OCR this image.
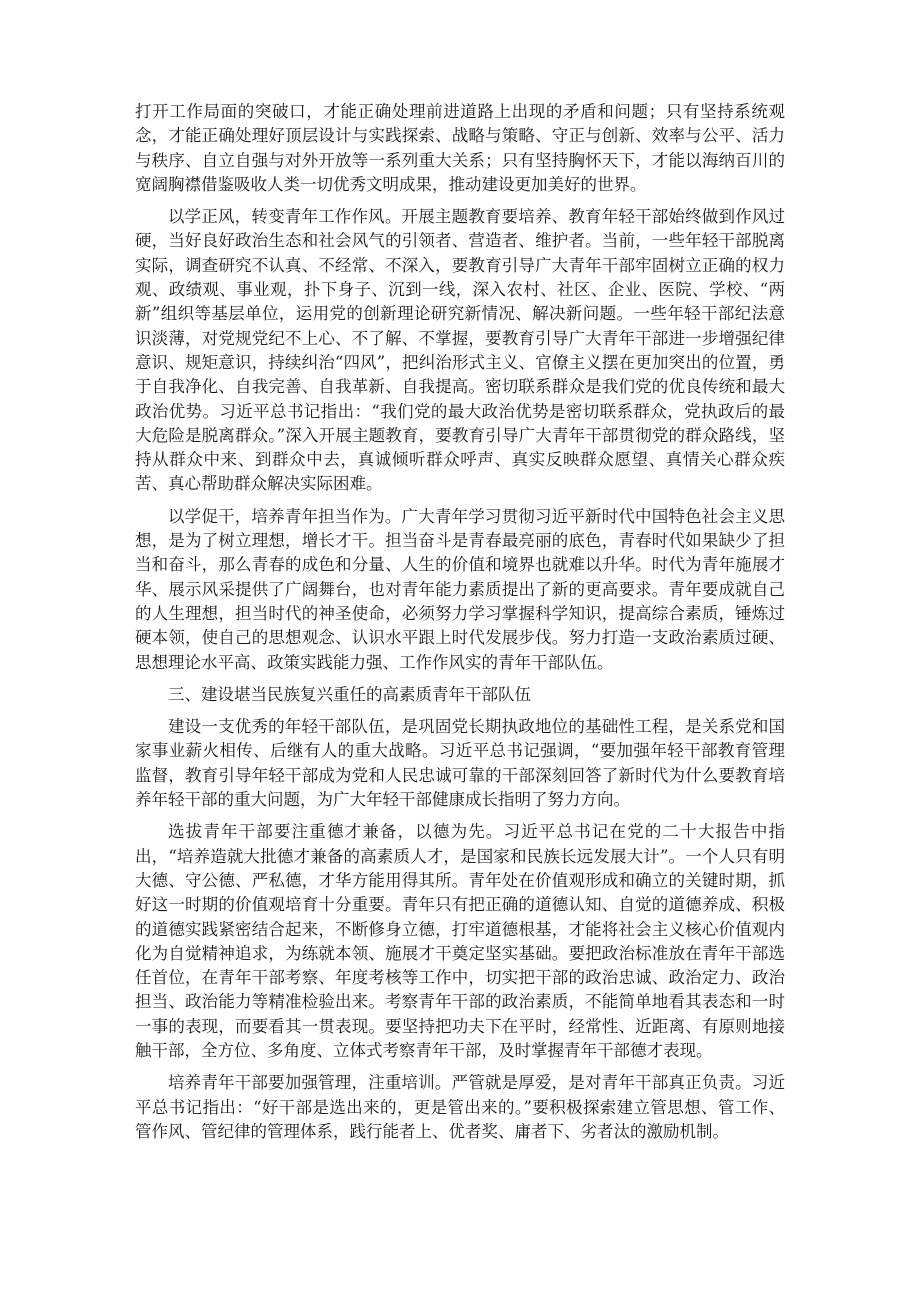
打开工作局面的突破口，才能正确处理前进道路上出现的矛盾和问题；只有坚持系统观念，才能正确处理好顶层设计与实践探索、战略与策略、守正与创新、效率与公平、活力与秩序、自立自强与对外开放等一系列重大关系；只有坚持胸怀天下，才能以海纳百川的宽阔胸襟借鉴吸收人类一切优秀文明成果，推动建设更加美好的世界。

以学正风，转变青年工作作风。开展主题教育要培养、教育年轻干部始终做到作风过硬，当好良好政治生态和社会风气的引领者、营造者、维护者。当前，一些年轻干部脱离实际，调查研究不认真、不经常、不深入，要教育引导广大青年干部牢固树立正确的权力观、政绩观、事业观，扑下身子、沉到一线，深入农村、社区、企业、医院、学校、“两新”组织等基层单位，运用党的创新理论研究新情况、解决新问题。一些年轻干部纪法意识淡薄，对党规党纪不上心、不了解、不掌握，要教育引导广大青年干部进一步增强纪律意识、规矩意识，持续纠治“四风”，把纠治形式主义、官僚主义摆在更加突出的位置，勇于自我净化、自我完善、自我革新、自我提高。密切联系群众是我们党的优良传统和最大政治优势。习近平总书记指出：“我们党的最大政治优势是密切联系群众，党执政后的最大危险是脱离群众。”深入开展主题教育，要教育引导广大青年干部贯彻党的群众路线，坚持从群众中来、到群众中去，真诚倾听群众呼声、真实反映群众愿望、真情关心群众疾苦、真心帮助群众解决实际困难。

以学促干，培养青年担当作为。广大青年学习贯彻习近平新时代中国特色社会主义思想，是为了树立理想，增长才干。担当奋斗是青春最亮丽的底色，青春时代如果缺少了担当和奋斗，那么青春的成色和分量、人生的价值和境界也就难以升华。时代为青年施展才华、展示风采提供了广阔舞台，也对青年能力素质提出了新的更高要求。青年要成就自己的人生理想，担当时代的神圣使命，必须努力学习掌握科学知识，提高综合素质，锤炼过硬本领，使自己的思想观念、认识水平跟上时代发展步伐。努力打造一支政治素质过硬、思想理论水平高、政策实践能力强、工作作风实的青年干部队伍。

三、建设堪当民族复兴重任的高素质青年干部队伍

建设一支优秀的年轻干部队伍，是巩固党长期执政地位的基础性工程，是关系党和国家事业薪火相传、后继有人的重大战略。习近平总书记强调，“要加强年轻干部教育管理监督，教育引导年轻干部成为党和人民忠诚可靠的干部深刻回答了新时代为什么要教育培养年轻干部的重大问题，为广大年轻干部健康成长指明了努力方向。

选拔青年干部要注重德才兼备，以德为先。习近平总书记在党的二十大报告中指出，“培养造就大批德才兼备的高素质人才，是国家和民族长远发展大计”。一个人只有明大德、守公德、严私德，才华方能用得其所。青年处在价值观形成和确立的关键时期，抓好这一时期的价值观培育十分重要。青年只有把正确的道德认知、自觉的道德养成、积极的道德实践紧密结合起来，不断修身立德，打牢道德根基，才能将社会主义核心价值观内化为自觉精神追求，为练就本领、施展才干奠定坚实基础。要把政治标准放在青年干部选任首位，在青年干部考察、年度考核等工作中，切实把干部的政治忠诚、政治定力、政治担当、政治能力等精准检验出来。考察青年干部的政治素质，不能简单地看其表态和一时一事的表现，而要看其一贯表现。要坚持把功夫下在平时，经常性、近距离、有原则地接触干部，全方位、多角度、立体式考察青年干部，及时掌握青年干部德才表现。

培养青年干部要加强管理，注重培训。严管就是厚爱，是对青年干部真正负责。习近平总书记指出：“好干部是选出来的，更是管出来的。”要积极探索建立管思想、管工作、管作风、管纪律的管理体系，践行能者上、优者奖、庸者下、劣者汰的激励机制。
